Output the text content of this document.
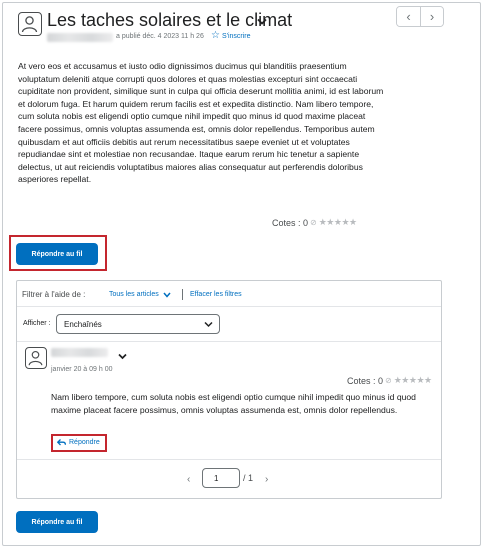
Les taches solaires et le climat	‹ ›
a publié déc. 4 2023 11 h 26 ☆ S'inscrire
At vero eos et accusamus et iusto odio dignissimos ducimus qui blanditiis praesentium voluptatum deleniti atque corrupti quos dolores et quas molestias excepturi sint occaecati cupiditate non provident, similique sunt in culpa qui officia deserunt mollitia animi, id est laborum et dolorum fuga. Et harum quidem rerum facilis est et expedita distinctio. Nam libero tempore, cum soluta nobis est eligendi optio cumque nihil impedit quo minus id quod maxime placeat facere possimus, omnis voluptas assumenda est, omnis dolor repellendus. Temporibus autem quibusdam et aut officiis debitis aut rerum necessitatibus saepe eveniet ut et voluptates repudiandae sint et molestiae non recusandae. Itaque earum rerum hic tenetur a sapiente delectus, ut aut reiciendis voluptatibus maiores alias consequatur aut perferendis doloribus asperiores repellat.
Cotes : 0 ⊘ ★★★★★
Répondre au fil
Filtrer à l'aide de :	Tous les articles	Effacer les filtres
Afficher : Enchaînés
janvier 20 à 09 h 00
Cotes : 0 ⊘ ★★★★★
Nam libero tempore, cum soluta nobis est eligendi optio cumque nihil impedit quo minus id quod maxime placeat facere possimus, omnis voluptas assumenda est, omnis dolor repellendus.
Répondre
‹	1	/ 1 ›
Répondre au fil
